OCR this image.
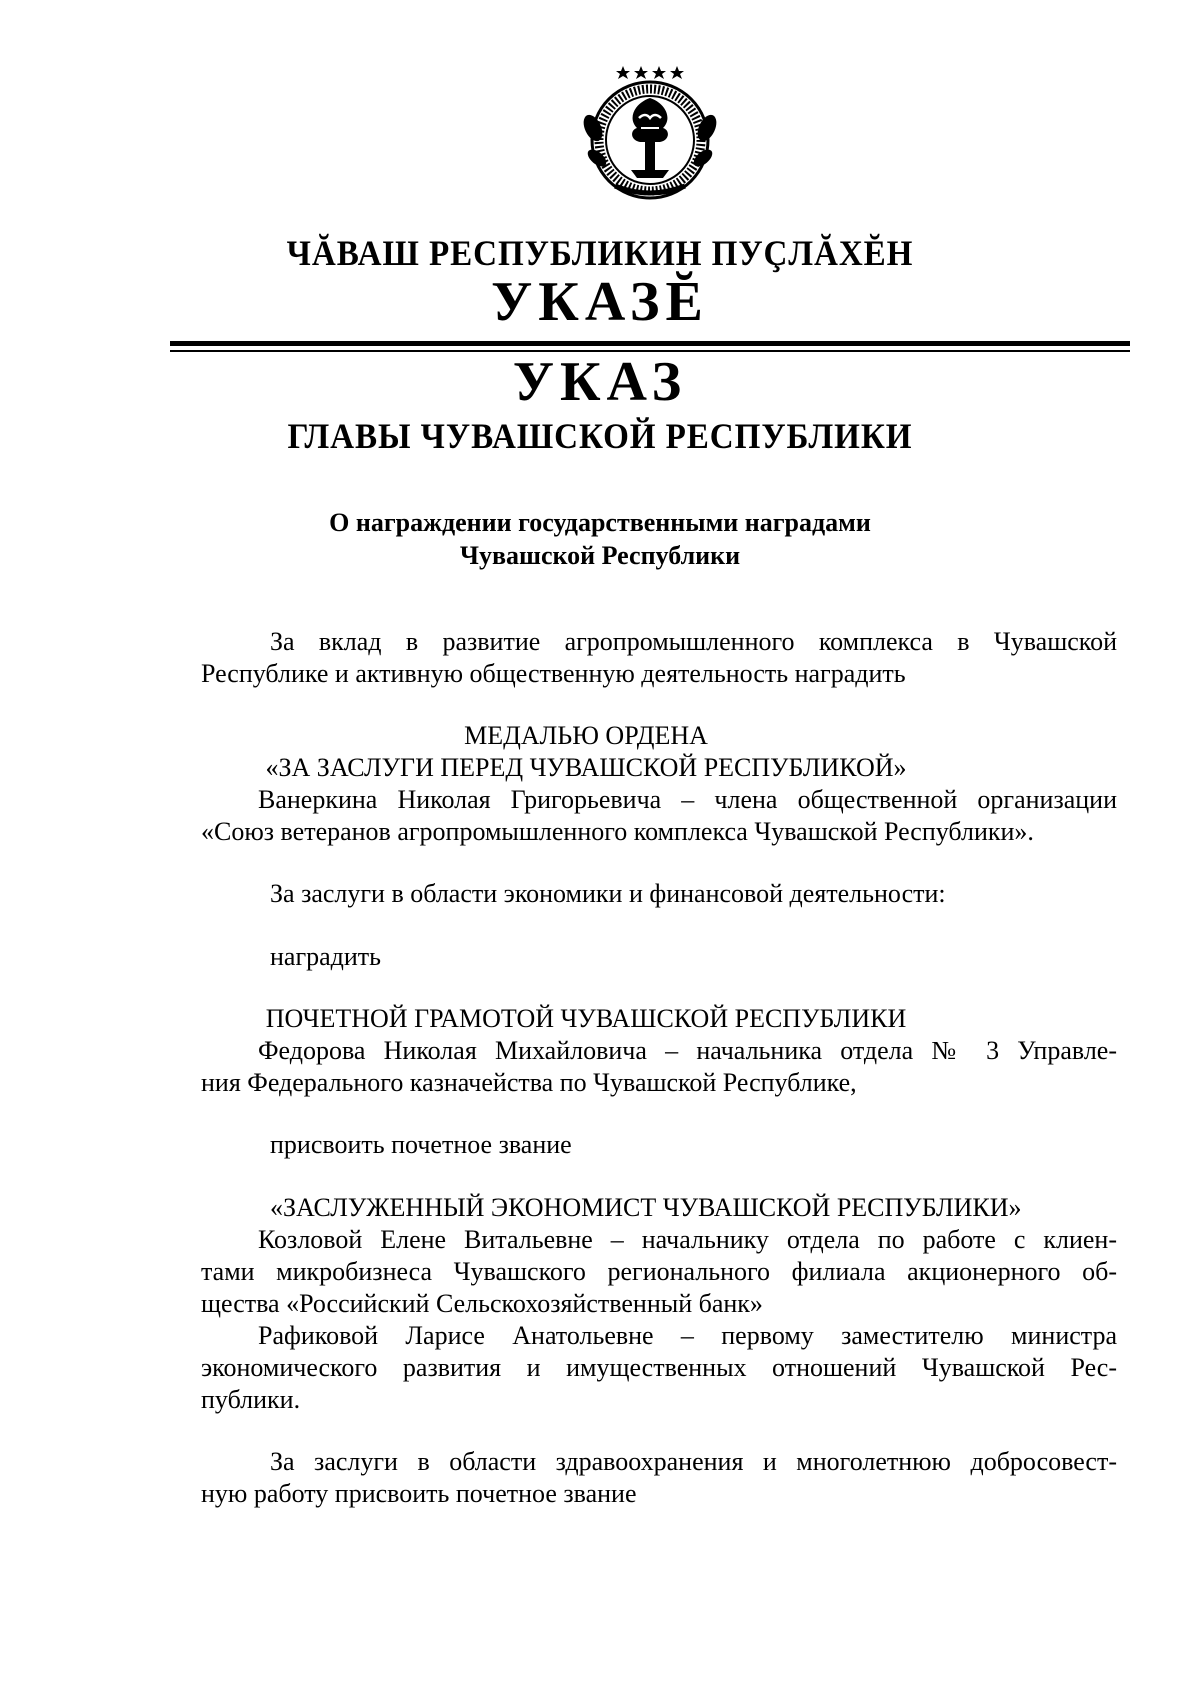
ЧĂВАШ РЕСПУБЛИКИН ПУÇЛĂХĔН
УКАЗĔ
УКАЗ
ГЛАВЫ ЧУВАШСКОЙ РЕСПУБЛИКИ
О награждении государственными наградами
Чувашской Республики
За вклад в развитие агропромышленного комплекса в Чувашской
Республике и активную общественную деятельность наградить
МЕДАЛЬЮ ОРДЕНА
«ЗА ЗАСЛУГИ ПЕРЕД ЧУВАШСКОЙ РЕСПУБЛИКОЙ»
Ванеркина Николая Григорьевича – члена общественной организации
«Союз ветеранов агропромышленного комплекса Чувашской Республики».
За заслуги в области экономики и финансовой деятельности:
наградить
ПОЧЕТНОЙ ГРАМОТОЙ ЧУВАШСКОЙ РЕСПУБЛИКИ
Федорова Николая Михайловича – начальника отдела № 3 Управле-
ния Федерального казначейства по Чувашской Республике,
присвоить почетное звание
«ЗАСЛУЖЕННЫЙ ЭКОНОМИСТ ЧУВАШСКОЙ РЕСПУБЛИКИ»
Козловой Елене Витальевне – начальнику отдела по работе с клиен-
тами микробизнеса Чувашского регионального филиала акционерного об-
щества «Российский Сельскохозяйственный банк»
Рафиковой Ларисе Анатольевне – первому заместителю министра
экономического развития и имущественных отношений Чувашской Рес-
публики.
За заслуги в области здравоохранения и многолетнюю добросовест-
ную работу присвоить почетное звание
